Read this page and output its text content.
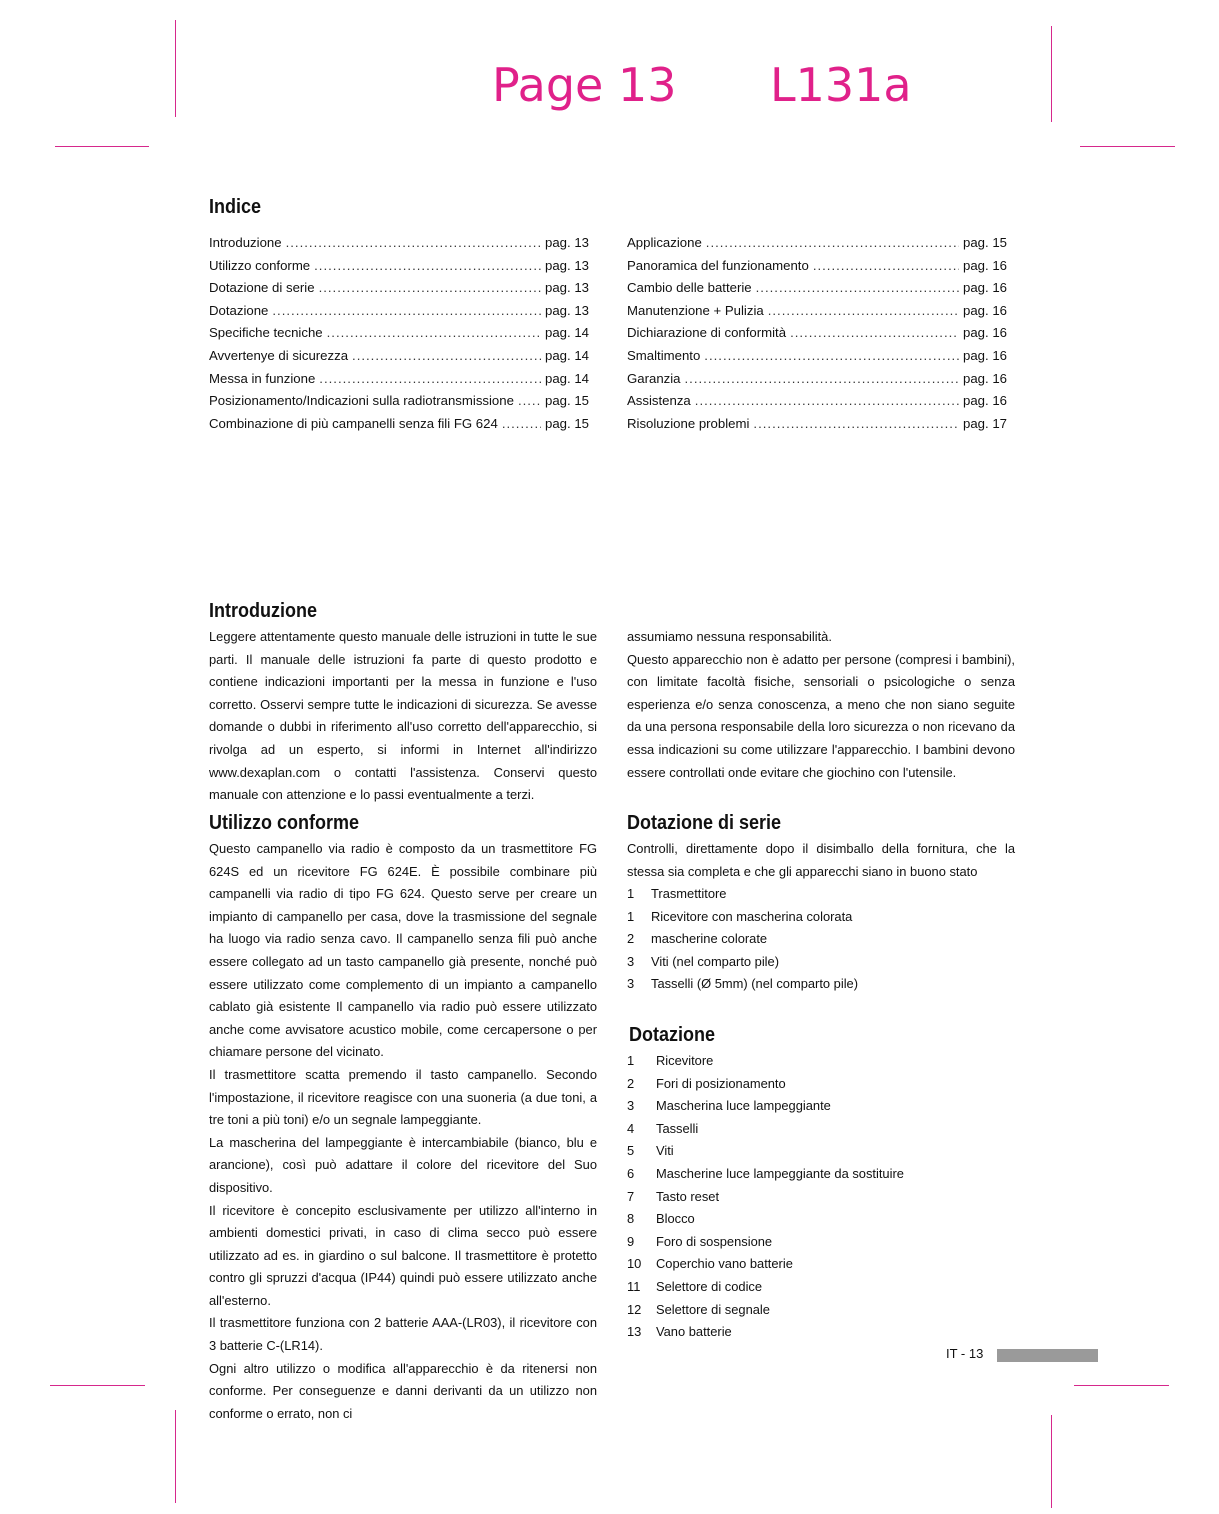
Page 13 L131a
Indice
Introduzione .....	pag. 13
Utilizzo conforme .....	pag. 13
Dotazione di serie .....	pag. 13
Dotazione .....	pag. 13
Specifiche tecniche .....	pag. 14
Avvertenye di sicurezza .....	pag. 14
Messa in funzione .....	pag. 14
Posizionamento/Indicazioni sulla radiotransmissione ..... pag. 15
Combinazione di più campanelli senza fili FG 624 .....	pag. 15
Applicazione .....	pag. 15
Panoramica del funzionamento .....	pag. 16
Cambio delle batterie .....	pag. 16
Manutenzione + Pulizia .....	pag. 16
Dichiarazione di conformità .....	pag. 16
Smaltimento .....	pag. 16
Garanzia .....	pag. 16
Assistenza .....	pag. 16
Risoluzione problemi .....	pag. 17
Introduzione

Leggere attentamente questo manuale delle istruzioni in tutte le sue parti. Il manuale delle istruzioni fa parte di questo prodotto e contiene indicazioni importanti per la messa in funzione e l'uso corretto. Osservi sempre tutte le indicazioni di sicurezza. Se avesse domande o dubbi in riferimento all'uso corretto dell'apparecchio, si rivolga ad un esperto, si informi in Internet all'indirizzo www.dexaplan.com o contatti l'assistenza. Conservi questo manuale con attenzione e lo passi eventualmente a terzi.

Utilizzo conforme

Questo campanello via radio è composto da un trasmettitore FG 624S ed un ricevitore FG 624E. È possibile combinare più campanelli via radio di tipo FG 624. Questo serve per creare un impianto di campanello per casa, dove la trasmissione del segnale ha luogo via radio senza cavo. Il campanello senza fili può anche essere collegato ad un tasto campanello già presente, nonché può essere utilizzato come complemento di un impianto a campanello cablato già esistente Il campanello via radio può essere utilizzato anche come avvisatore acustico mobile, come cercapersone o per chiamare persone del vicinato.

Il trasmettitore scatta premendo il tasto campanello. Secondo l'impostazione, il ricevitore reagisce con una suoneria (a due toni, a tre toni a più toni) e/o un segnale lampeggiante.

La mascherina del lampeggiante è intercambiabile (bianco, blu e arancione), così può adattare il colore del ricevitore del Suo dispositivo.

Il ricevitore è concepito esclusivamente per utilizzo all'interno in ambienti domestici privati, in caso di clima secco può essere utilizzato ad es. in giardino o sul balcone. Il trasmettitore è protetto contro gli spruzzi d'acqua (IP44) quindi può essere utilizzato anche all'esterno.

Il trasmettitore funziona con 2 batterie AAA-(LR03), il ricevitore con 3 batterie C-(LR14).

Ogni altro utilizzo o modifica all'apparecchio è da ritenersi non conforme. Per conseguenze e danni derivanti da un utilizzo non conforme o errato, non ci

assumiamo nessuna responsabilità.

Questo apparecchio non è adatto per persone (compresi i bambini), con limitate facoltà fisiche, sensoriali o psicologiche o senza esperienza e/o senza conoscenza, a meno che non siano seguite da una persona responsabile della loro sicurezza o non ricevano da essa indicazioni su come utilizzare l'apparecchio. I bambini devono essere controllati onde evitare che giochino con l'utensile.

Dotazione di serie

Controlli, direttamente dopo il disimballo della fornitura, che la stessa sia completa e che gli apparecchi siano in buono stato

1	Trasmettitore
1	Ricevitore con mascherina colorata
2	mascherine colorate
3	Viti (nel comparto pile)
3	Tasselli (Ø 5mm) (nel comparto pile)
Dotazione
1	Ricevitore
2	Fori di posizionamento
3	Mascherina luce lampeggiante
4	Tasselli
5	Viti
6	Mascherine luce lampeggiante da sostituire
7	Tasto reset
8	Blocco
9	Foro di sospensione
10	Coperchio vano batterie
11	Selettore di codice
12	Selettore di segnale
13	Vano batterie
IT - 13
